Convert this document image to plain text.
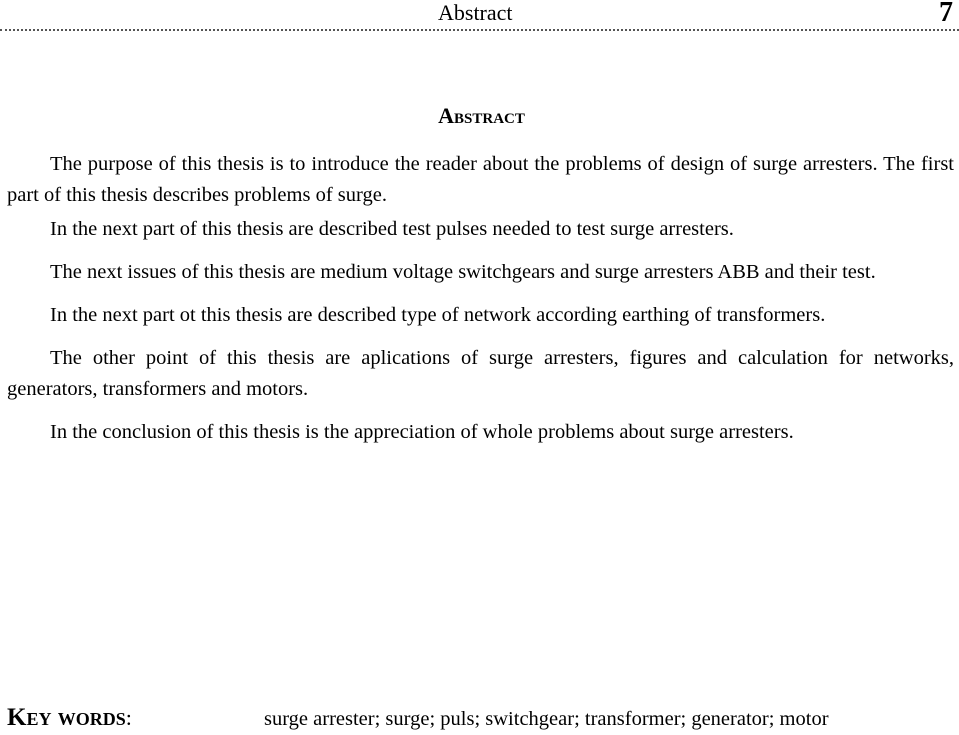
Abstract	7
Abstract

The purpose of this thesis is to introduce the reader about the problems of design of surge arresters. The first part of this thesis describes problems of surge.

In the next part of this thesis are described test pulses needed to test surge arresters.

The next issues of this thesis are medium voltage switchgears and surge arresters ABB and their test.

In the next part ot this thesis are described type of network according earthing of transformers.

The other point of this thesis are aplications of surge arresters, figures and calculation for networks, generators, transformers and motors.

In the conclusion of this thesis is the appreciation of whole problems about surge arresters.

Key words:	surge arrester; surge; puls; switchgear; transformer; generator; motor
